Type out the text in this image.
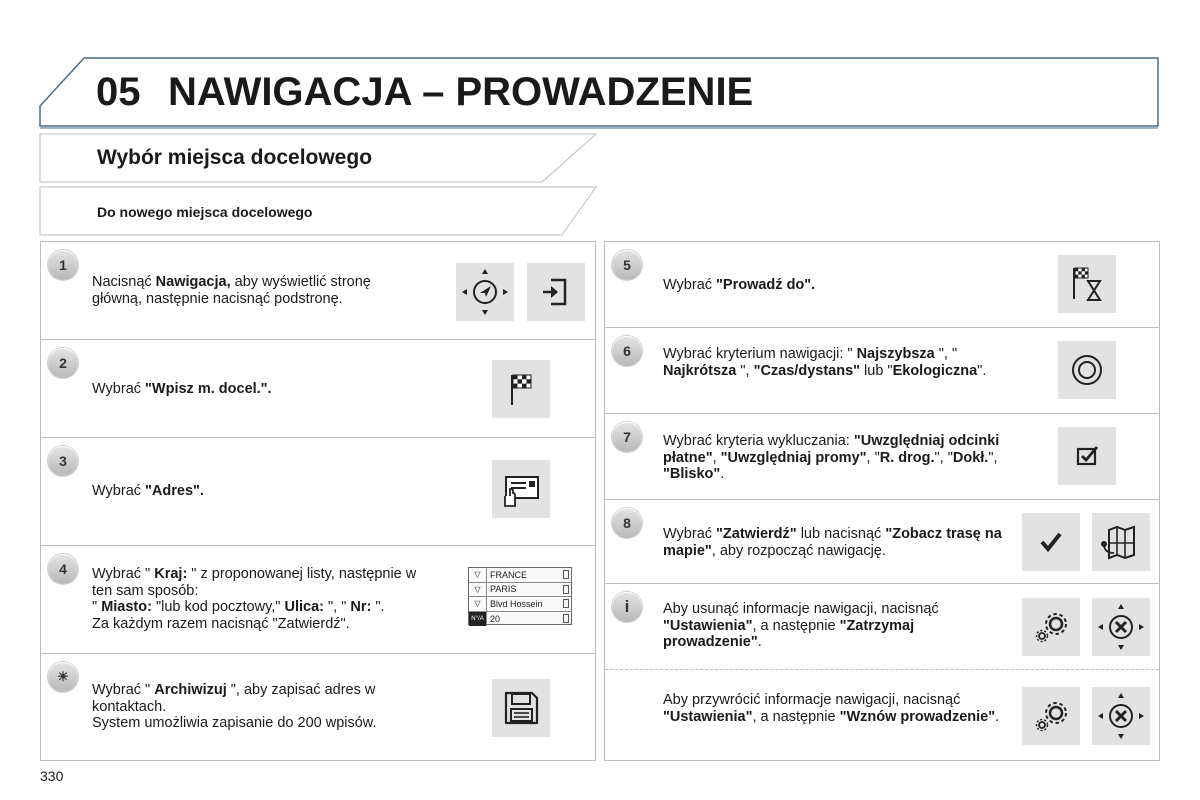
05 NAWIGACJA – PROWADZENIE
Wybór miejsca docelowego
Do nowego miejsca docelowego
1
Nacisnąć Nawigacja, aby wyświetlić stronę główną, następnie nacisnąć podstronę.
2
Wybrać "Wpisz m. docel.".
3
Wybrać "Adres".
4	Wybrać " Kraj: " z proponowanej listy, następnie w ten sam sposób:
" Miasto: "lub kod pocztowy," Ulica: ", " Nr: ".
Za każdym razem nacisnąć "Zatwierdź".
▽	FRANCE
▽	PARIS
▽	Blvd Hossein
N°/A 20
☀
Wybrać " Archiwizuj ", aby zapisać adres w kontaktach.
System umożliwia zapisanie do 200 wpisów.
5
Wybrać "Prowadź do".
6	Wybrać kryterium nawigacji: " Najszybsza ", " Najkrótsza ", "Czas/dystans" lub "Ekologiczna".
7	Wybrać kryteria wykluczania: "Uwzględniaj odcinki płatne", "Uwzględniaj promy", "R. drog.", "Dokł.", "Blisko".
8
Wybrać "Zatwierdź" lub nacisnąć "Zobacz trasę na mapie", aby rozpocząć nawigację.
i	Aby usunąć informacje nawigacji, nacisnąć "Ustawienia", a następnie "Zatrzymaj prowadzenie".
Aby przywrócić informacje nawigacji, nacisnąć "Ustawienia", a następnie "Wznów prowadzenie".
330
